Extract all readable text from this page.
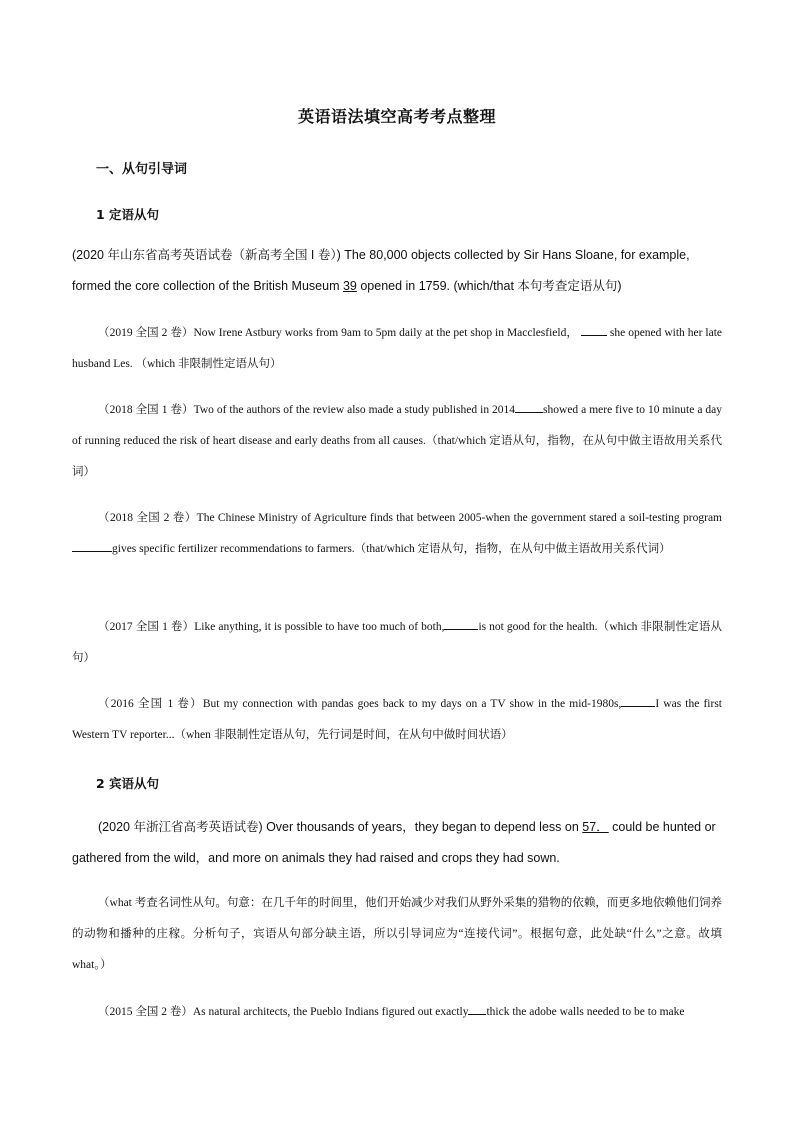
英语语法填空高考考点整理
一、从句引导词
1 定语从句

(2020 年山东省高考英语试卷（新高考全国 I 卷）) The 80,000 objects collected by Sir Hans Sloane, for example, formed the core collection of the British Museum 39 opened in 1759. (which/that 本句考查定语从句)

（2019 全国 2 卷）Now Irene Astbury works from 9am to 5pm daily at the pet shop in Macclesfield，	she opened with her late husband Les. （which 非限制性定语从句）

（2018 全国 1 卷）Two of the authors of the review also made a study published in 2014 showed a mere five to 10 minute a day of running reduced the risk of heart disease and early deaths from all causes.（that/which 定语从句，指物，在从句中做主语故用关系代词）

（2018 全国 2 卷）The Chinese Ministry of Agriculture finds that between 2005-when the government stared a soil-testing programgives specific fertilizer recommendations to farmers.（that/which 定语从句，指物，在从句中做主语故用关系代词）

（2017 全国 1 卷）Like anything, it is possible to have too much of both,	is not good for the health.（which 非限制性定语从句）

（2016 全国 1 卷）But my connection with pandas goes back to my days on a TV show in the mid-1980s,	I was the first Western TV reporter...（when 非限制性定语从句，先行词是时间，在从句中做时间状语）

2 宾语从句

(2020 年浙江省高考英语试卷) Over thousands of years，they began to depend less on 57． could be hunted or gathered from the wild，and more on animals they had raised and crops they had sown.

（what 考查名词性从句。句意：在几千年的时间里，他们开始减少对我们从野外采集的猎物的依赖，而更多地依赖他们饲养的动物和播种的庄稼。分析句子，宾语从句部分缺主语，所以引导词应为“连接代词”。根据句意，此处缺“什么”之意。故填 what。）

（2015 全国 2 卷）As natural architects, the Pueblo Indians figured out exactly thick the adobe walls needed to be to make
